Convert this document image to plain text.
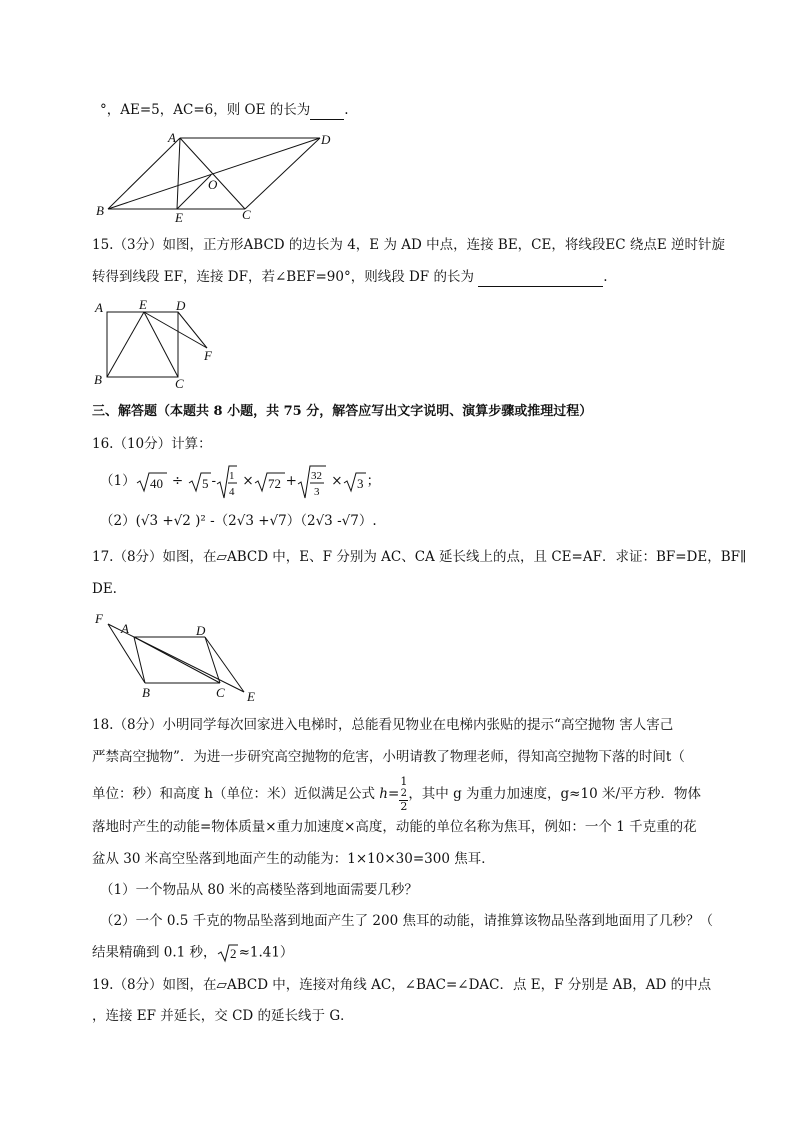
°，AE=5，AC=6，则 OE 的长为	.
A	D
O
B	E	C
15.（3分）如图，正方形ABCD 的边长为 4，E 为 AD 中点，连接 BE，CE，将线段EC 绕点E 逆时针旋
转得到线段 EF，连接 DF，若∠BEF=90°，则线段 DF 的长为	.
A	E D
F
B	C
三、解答题（本题共 8 小题，共 75 分，解答应写出文字说明、演算步骤或推理过程）
16.（10分）计算：
（1） 40 ÷ 5 - 1
4
× 72 + 32
3
× 3 ；
（2）(√3 +√2 )² -（2√3 +√7）（2√3 -√7）.
17.（8分）如图，在▱ABCD 中，E、F 分别为 AC、CA 延长线上的点，且 CE=AF．求证：BF=DE，BF∥
DE.
F
A	D
B	C E
18.（8分）小明同学每次回家进入电梯时，总能看见物业在电梯内张贴的提示“高空抛物 害人害己
严禁高空抛物”．为进一步研究高空抛物的危害，小明请教了物理老师，得知高空抛物下落的时间t（
单位：秒）和高度 h（单位：米）近似满足公式 h= 1
2
2 ，其中 g 为重力加速度，g≈10 米/平方秒．物体
落地时产生的动能=物体质量×重力加速度×高度，动能的单位名称为焦耳，例如：一个 1 千克重的花
盆从 30 米高空坠落到地面产生的动能为：1×10×30=300 焦耳．
（1）一个物品从 80 米的高楼坠落到地面需要几秒？
（2）一个 0.5 千克的物品坠落到地面产生了 200 焦耳的动能，请推算该物品坠落到地面用了几秒？（
结果精确到 0.1 秒， 2 ≈1.41）
19.（8分）如图，在▱ABCD 中，连接对角线 AC，∠BAC=∠DAC．点 E，F 分别是 AB，AD 的中点
，连接 EF 并延长，交 CD 的延长线于 G．
